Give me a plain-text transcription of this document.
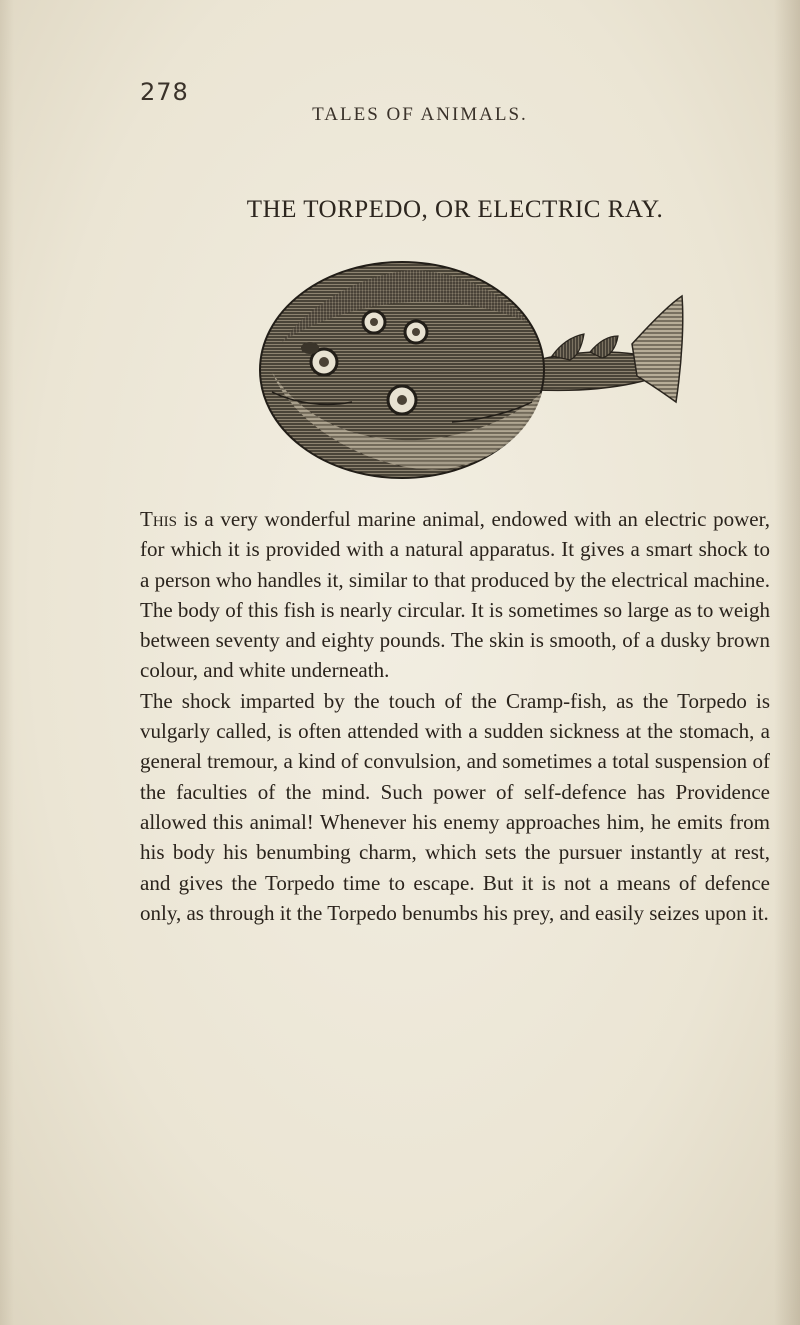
278
TALES OF ANIMALS.
THE TORPEDO, OR ELECTRIC RAY.

This is a very wonderful marine animal, endowed with an electric power, for which it is provided with a natural apparatus. It gives a smart shock to a person who handles it, similar to that produced by the electrical machine. The body of this fish is nearly circular. It is sometimes so large as to weigh between seventy and eighty pounds. The skin is smooth, of a dusky brown colour, and white underneath.

The shock imparted by the touch of the Cramp-fish, as the Torpedo is vulgarly called, is often attended with a sudden sickness at the stomach, a general tremour, a kind of convulsion, and sometimes a total suspension of the faculties of the mind. Such power of self-defence has Providence allowed this animal! Whenever his enemy approaches him, he emits from his body his benumbing charm, which sets the pursuer instantly at rest, and gives the Torpedo time to escape. But it is not a means of defence only, as through it the Torpedo benumbs his prey, and easily seizes upon it.
